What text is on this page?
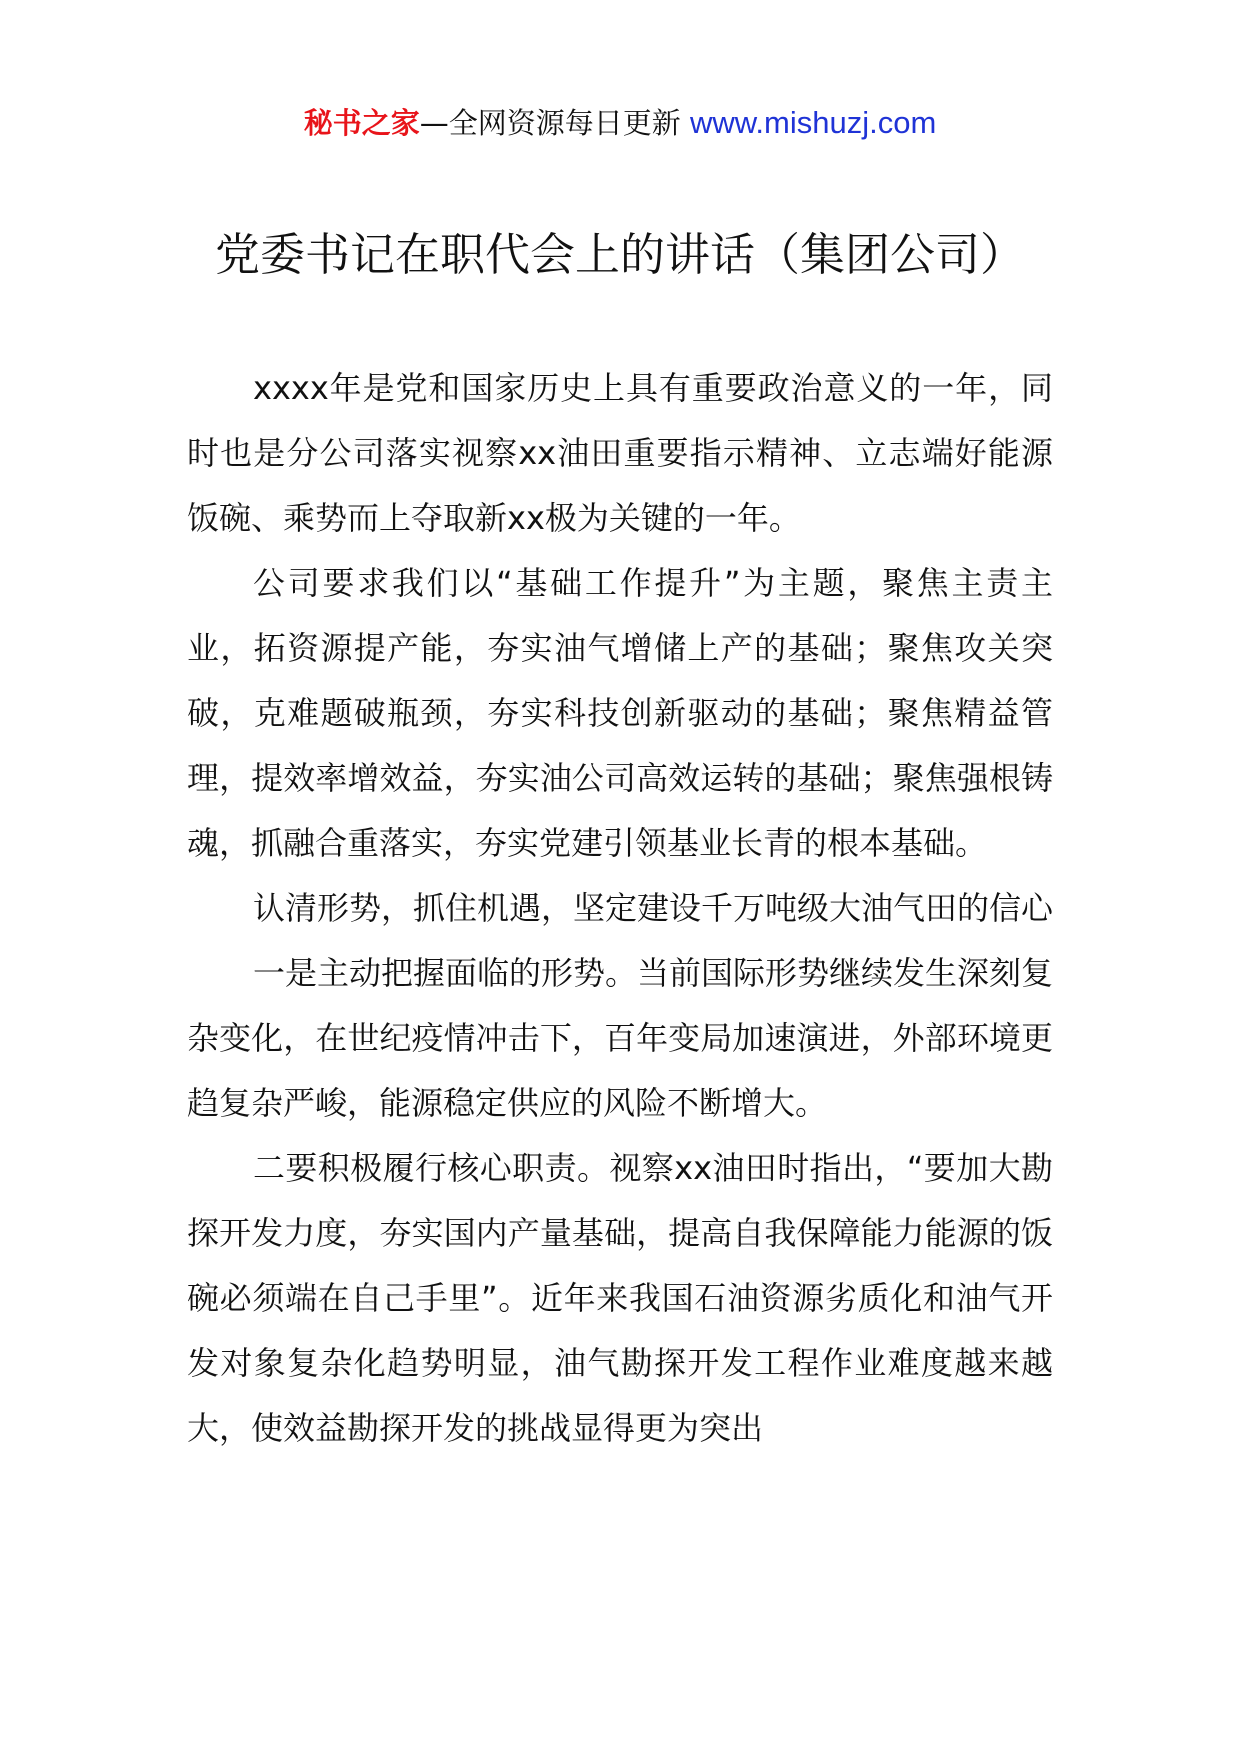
秘书之家—全网资源每日更新 www.mishuzj.com
党委书记在职代会上的讲话（集团公司）

xxxx年是党和国家历史上具有重要政治意义的一年，同时也是分公司落实视察xx油田重要指示精神、立志端好能源饭碗、乘势而上夺取新xx极为关键的一年。

公司要求我们以“基础工作提升”为主题，聚焦主责主业，拓资源提产能，夯实油气增储上产的基础；聚焦攻关突破，克难题破瓶颈，夯实科技创新驱动的基础；聚焦精益管理，提效率增效益，夯实油公司高效运转的基础；聚焦强根铸魂，抓融合重落实，夯实党建引领基业长青的根本基础。

认清形势，抓住机遇，坚定建设千万吨级大油气田的信心

一是主动把握面临的形势。当前国际形势继续发生深刻复杂变化，在世纪疫情冲击下，百年变局加速演进，外部环境更趋复杂严峻，能源稳定供应的风险不断增大。

二要积极履行核心职责。视察xx油田时指出，“要加大勘探开发力度，夯实国内产量基础，提高自我保障能力能源的饭碗必须端在自己手里”。近年来我国石油资源劣质化和油气开发对象复杂化趋势明显，油气勘探开发工程作业难度越来越大，使效益勘探开发的挑战显得更为突出
